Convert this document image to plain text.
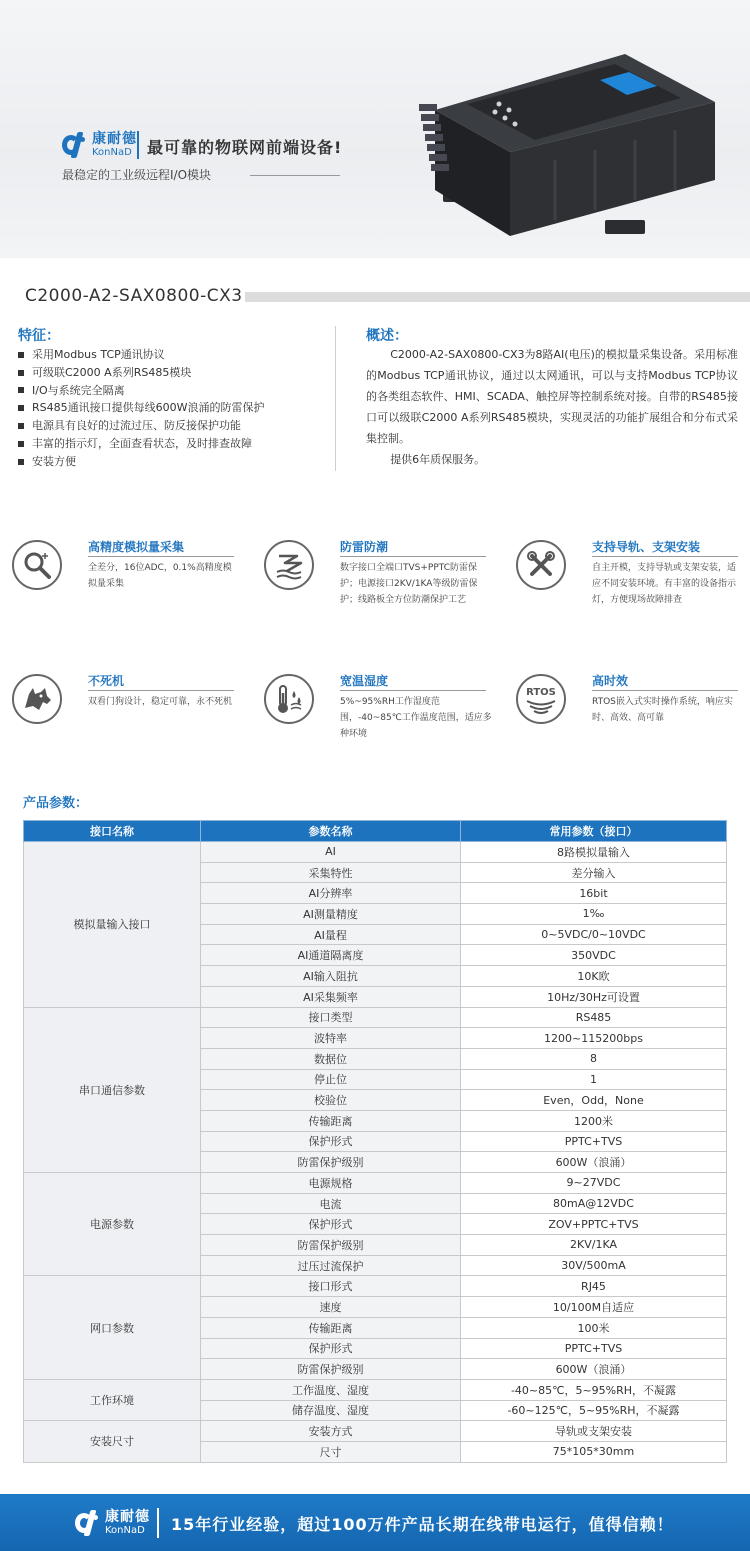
康耐德
KonNaD 最可靠的物联网前端设备!
最稳定的工业级远程I/O模块
C2000-A2-SAX0800-CX3
特征：
采用Modbus TCP通讯协议
可级联C2000 A系列RS485模块
I/O与系统完全隔离
RS485通讯接口提供每线600W浪涌的防雷保护
电源具有良好的过流过压、防反接保护功能
丰富的指示灯，全面查看状态，及时排查故障
安装方便
概述：

C2000-A2-SAX0800-CX3为8路AI(电压)的模拟量采集设备。采用标准的Modbus TCP通讯协议，通过以太网通讯，可以与支持Modbus TCP协议的各类组态软件、HMI、SCADA、触控屏等控制系统对接。自带的RS485接口可以级联C2000 A系列RS485模块，实现灵活的功能扩展组合和分布式采集控制。

提供6年质保服务。

高精度模拟量采集
全差分，16位ADC，0.1%高精度模拟量采集
防雷防潮
数字接口全端口TVS+PPTC防雷保护；电源接口2KV/1KA等级防雷保护；线路板全方位防潮保护工艺
支持导轨、支架安装
自主开模，支持导轨或支架安装，适应不同安装环境。有丰富的设备指示灯，方便现场故障排查
不死机
双看门狗设计，稳定可靠，永不死机
宽温湿度
5%~95%RH工作湿度范围，-40~85℃工作温度范围，适应多种环境
RTOS
高时效
RTOS嵌入式实时操作系统，响应实时、高效、高可靠
产品参数：
接口名称	参数名称	常用参数（接口）
模拟量输入接口	AI	8路模拟量输入
	采集特性	差分输入
	AI分辨率	16bit
	AI测量精度	1‰
	AI量程	0~5VDC/0~10VDC
	AI通道隔离度	350VDC
	AI输入阻抗	10K欧
	AI采集频率	10Hz/30Hz可设置
串口通信参数	接口类型	RS485
	波特率	1200~115200bps
	数据位	8
	停止位	1
	校验位	Even，Odd，None
	传输距离	1200米
	保护形式	PPTC+TVS
	防雷保护级别	600W（浪涌）
电源参数	电源规格	9~27VDC
	电流	80mA@12VDC
	保护形式	ZOV+PPTC+TVS
	防雷保护级别	2KV/1KA
	过压过流保护	30V/500mA
网口参数	接口形式	RJ45
	速度	10/100M自适应
	传输距离	100米
	保护形式	PPTC+TVS
	防雷保护级别	600W（浪涌）
工作环境	工作温度、湿度	-40~85℃，5~95%RH，不凝露
	储存温度、湿度	-60~125℃，5~95%RH，不凝露
安装尺寸	安装方式	导轨或支架安装
	尺寸	75*105*30mm
康耐德
KonNaD	15年行业经验，超过100万件产品长期在线带电运行，值得信赖！
